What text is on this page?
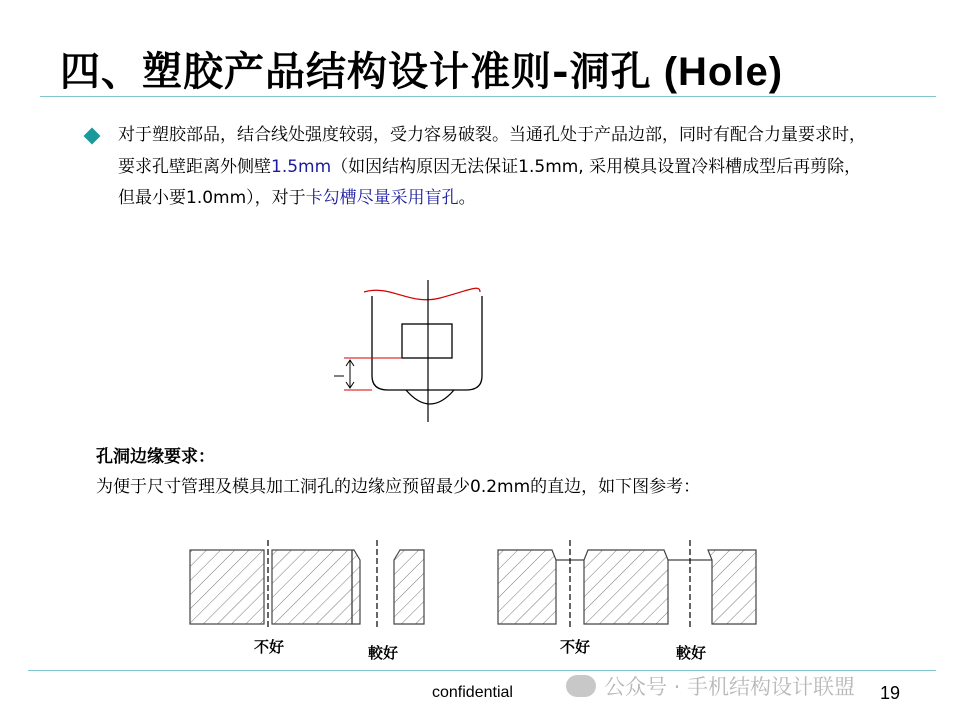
四、塑胶产品结构设计准则-洞孔 (Hole)
对于塑胶部品，结合线处强度较弱，受力容易破裂。当通孔处于产品边部，同时有配合力量要求时，要求孔壁距离外侧壁1.5mm（如因结构原因无法保证1.5mm, 采用模具设置冷料槽成型后再剪除，但最小要1.0mm），对于卡勾槽尽量采用盲孔。
孔洞边缘要求：
为便于尺寸管理及模具加工洞孔的边缘应预留最少0.2mm的直边，如下图参考：
不好	較好	不好	較好
confidential	公众号 · 手机结构设计联盟 19
